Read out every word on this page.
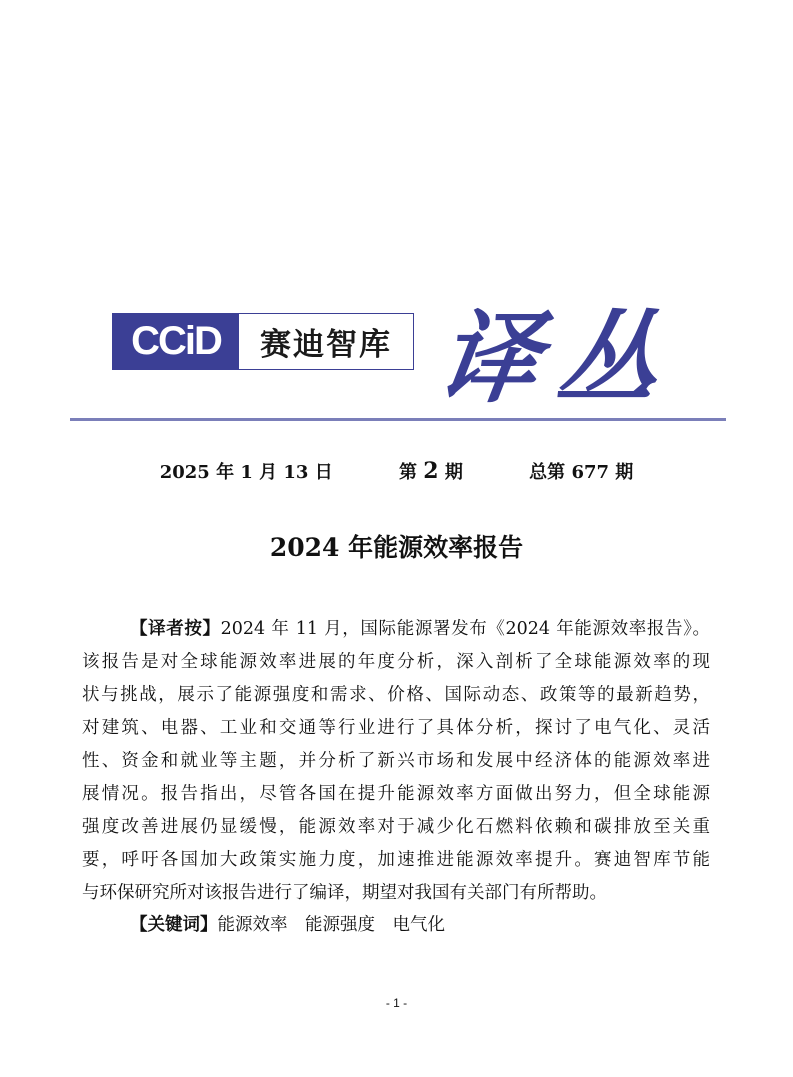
CCiD	赛迪智库 译丛
2025 年 1 月 13 日	第 2 期	总第 677 期
2024 年能源效率报告
【译者按】2024 年 11 月，国际能源署发布《2024 年能源效率报告》。
该报告是对全球能源效率进展的年度分析，深入剖析了全球能源效率的现
状与挑战，展示了能源强度和需求、价格、国际动态、政策等的最新趋势，
对建筑、电器、工业和交通等行业进行了具体分析，探讨了电气化、灵活
性、资金和就业等主题，并分析了新兴市场和发展中经济体的能源效率进
展情况。报告指出，尽管各国在提升能源效率方面做出努力，但全球能源
强度改善进展仍显缓慢，能源效率对于减少化石燃料依赖和碳排放至关重
要，呼吁各国加大政策实施力度，加速推进能源效率提升。赛迪智库节能
与环保研究所对该报告进行了编译，期望对我国有关部门有所帮助。
【关键词】能源效率  能源强度  电气化
- 1 -
